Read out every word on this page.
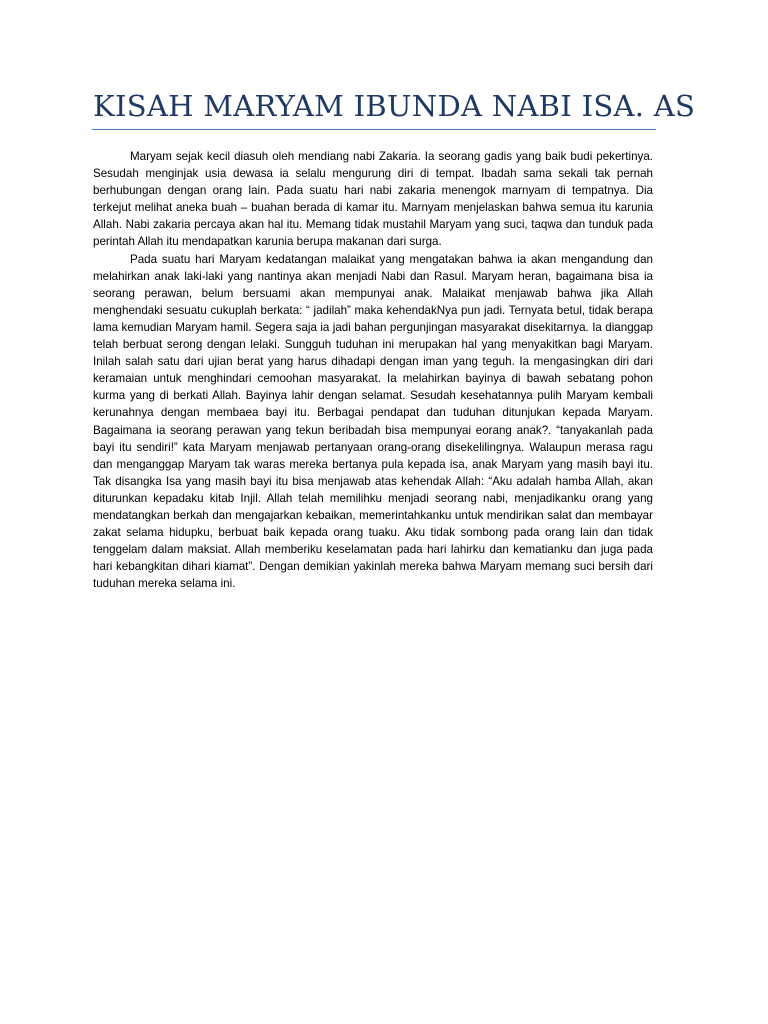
KISAH MARYAM IBUNDA NABI ISA. AS

Maryam sejak kecil diasuh oleh mendiang nabi Zakaria. Ia seorang gadis yang baik budi pekertinya. Sesudah menginjak usia dewasa ia selalu mengurung diri di tempat. Ibadah sama sekali tak pernah berhubungan dengan orang lain. Pada suatu hari nabi zakaria menengok marnyam di tempatnya. Dia terkejut melihat aneka buah – buahan berada di kamar itu. Marnyam menjelaskan bahwa semua itu karunia Allah. Nabi zakaria percaya akan hal itu. Memang tidak mustahil Maryam yang suci, taqwa dan tunduk pada perintah Allah itu mendapatkan karunia berupa makanan dari surga.

Pada suatu hari Maryam kedatangan malaikat yang mengatakan bahwa ia akan mengandung dan melahirkan anak laki-laki yang nantinya akan menjadi Nabi dan Rasul. Maryam heran, bagaimana bisa ia seorang perawan, belum bersuami akan mempunyai anak. Malaikat menjawab bahwa jika Allah menghendaki sesuatu cukuplah berkata: “ jadilah” maka kehendakNya pun jadi. Ternyata betul, tidak berapa lama kemudian Maryam hamil. Segera saja ia jadi bahan pergunjingan masyarakat disekitarnya. Ia dianggap telah berbuat serong dengan lelaki. Sungguh tuduhan ini merupakan hal yang menyakitkan bagi Maryam. Inilah salah satu dari ujian berat yang harus dihadapi dengan iman yang teguh. Ia mengasingkan diri dari keramaian untuk menghindari cemoohan masyarakat. Ia melahirkan bayinya di bawah sebatang pohon kurma yang di berkati Allah. Bayinya lahir dengan selamat. Sesudah kesehatannya pulih Maryam kembali kerunahnya dengan membaea bayi itu. Berbagai pendapat dan tuduhan ditunjukan kepada Maryam. Bagaimana ia seorang perawan yang tekun beribadah bisa mempunyai eorang anak?. “tanyakanlah pada bayi itu sendiri!” kata Maryam menjawab pertanyaan orang-orang disekelilingnya. Walaupun merasa ragu dan menganggap Maryam tak waras mereka bertanya pula kepada isa, anak Maryam yang masih bayi itu. Tak disangka Isa yang masih bayi itu bisa menjawab atas kehendak Allah: “Aku adalah hamba Allah, akan diturunkan kepadaku kitab Injil. Allah telah memilihku menjadi seorang nabi, menjadikanku orang yang mendatangkan berkah dan mengajarkan kebaikan, memerintahkanku untuk mendirikan salat dan membayar zakat selama hidupku, berbuat baik kepada orang tuaku. Aku tidak sombong pada orang lain dan tidak tenggelam dalam maksiat. Allah memberiku keselamatan pada hari lahirku dan kematianku dan juga pada hari kebangkitan dihari kiamat”. Dengan demikian yakinlah mereka bahwa Maryam memang suci bersih dari tuduhan mereka selama ini.
